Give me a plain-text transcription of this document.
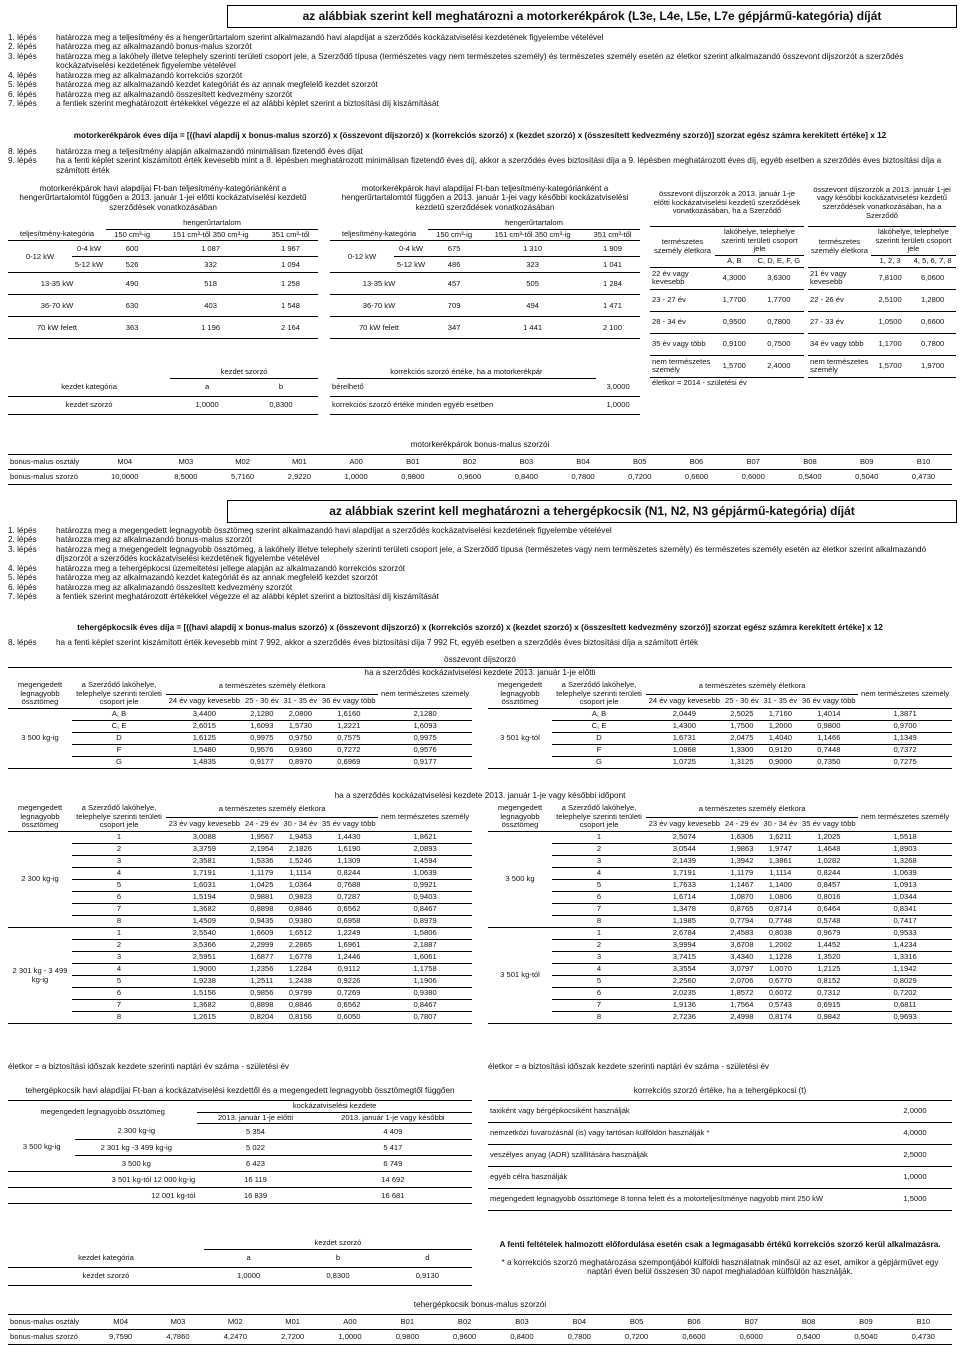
az alábbiak szerint kell meghatározni a motorkerékpárok (L3e, L4e, L5e, L7e gépjármű-kategória) díját
1. lépés	határozza meg a teljesítmény és a hengerűrtartalom szerint alkalmazandó havi alapdíjat a szerződés kockázatviselési kezdetének figyelembe vételével
2. lépés	határozza meg az alkalmazandó bonus-malus szorzót
3. lépés	határozza meg a lakóhely illetve telephely szerinti területi csoport jele, a Szerződő típusa (természetes vagy nem természetes személy) és természetes személy esetén az életkor szerint alkalmazandó összevont díjszorzót a szerződés kockázatviselési kezdetének figyelembe vételével
4. lépés	határozza meg az alkalmazandó korrekciós szorzót
5. lépés	határozza meg az alkalmazandó kezdet kategóriát és az annak megfelelő kezdet szorzót
6. lépés	határozza meg az alkalmazandó összesített kedvezmény szorzót
7. lépés	a fentiek szerint meghatározott értékekkel végezze el az alábbi képlet szerint a biztosítási díj kiszámítását
motorkerékpárok éves díja = [((havi alapdíj x bonus-malus szorzó) x (összevont díjszorzó) x (korrekciós szorzó) x (kezdet szorzó) x (összesített kedvezmény szorzó)] szorzat egész számra kerekített értéke] x 12
8. lépés	határozza meg a teljesítmény alapján alkalmazandó minimálisan fizetendő éves díjat
9. lépés	ha a fenti képlet szerint kiszámított érték kevesebb mint a 8. lépésben meghatározott minimálisan fizetendő éves díj, akkor a szerződés éves biztosítási díja a 9. lépésben meghatározott éves díj, egyéb esetben a szerződés éves biztosítási díja a számított érték
motorkerékpárok havi alapdíjai Ft-ban teljesítmény-kategóriánként a hengerűrtartalomtól függően a 2013. január 1-jei előtti kockázatviselési kezdetű szerződések vonatkozásában
		hengerűrtartalom		
teljesítmény-kategória		150 cm³-ig	151 cm³-től 350 cm³-ig	351 cm³-től
0-12 kW	0-4 kW	600	1 087	1 967
	5-12 kW	526	332	1 094
13-35 kW		490	518	1 258
36-70 kW		630	403	1 548
70 kW felett		363	1 196	2 164
motorkerékpárok havi alapdíjai Ft-ban teljesítmény-kategóriánként a hengerűrtartalomtól függően a 2013. január 1-jei vagy későbbi kockázatviselési kezdetű szerződések vonatkozásában
		hengerűrtartalom		
teljesítmény-kategória		150 cm³-ig	151 cm³-től 350 cm³-ig	351 cm³-től
0-12 kW	0-4 kW	675	1 310	1 909
	5-12 kW	486	323	1 041
13-35 kW		457	505	1 284
36-70 kW		709	494	1 471
70 kW felett		347	1 441	2 100
	kezdet szorzó	
kezdet kategória	a	b
kezdet szorzó	1,0000	0,8300
	korrekciós szorzó értéke, ha a motorkerékpár	
bérelhető		3,0000
korrekciós szorzó értéke minden egyéb esetben		1,0000
összevont díjszorzók a 2013. január 1-je előtti kockázatviselési kezdetű szerződések vonatkozásában, ha a Szerződő		
természetes személy életkora	lakóhelye, telephelye szerinti területi csoport jele	
	A, B	C, D, E, F, G
22 év vagy kevesebb	4,3000	3,6300
23 - 27 év	1,7700	1,7700
28 - 34 év	0,9500	0,7800
35 év vagy több	0,9100	0,7500
nem természetes személy	1,5700	2,4000
életkor = 2014 - születési év		
összevont díjszorzók a 2013. január 1-jei vagy későbbi kockázatviselési kezdetű szerződések vonatkozásában, ha a Szerződő		
természetes személy életkora	lakóhelye, telephelye szerinti területi csoport jele	
	1, 2, 3	4, 5, 6, 7, 8
21 év vagy kevesebb	7,8100	6,0600
22 - 26 év	2,5100	1,2800
27 - 33 év	1,0500	0,6600
34 év vagy több	1,1700	0,7800
nem természetes személy	1,5700	1,9700
motorkerékpárok bonus-malus szorzói
bonus-malus osztály	M04	M03	M02	M01	A00	B01	B02	B03	B04	B05	B06	B07	B08	B09	B10
bonus-malus szorzó	10,0000	8,5000	5,7160	2,9220	1,0000	0,9800	0,9600	0,8400	0,7800	0,7200	0,6600	0,6000	0,5400	0,5040	0,4730
az alábbiak szerint kell meghatározni a tehergépkocsik (N1, N2, N3 gépjármű-kategória) díját
1. lépés	határozza meg a megengedett legnagyobb össztömeg szerint alkalmazandó havi alapdíjat a szerződés kockázatviselési kezdetének figyelembe vételével
2. lépés	határozza meg az alkalmazandó bonus-malus szorzót
3. lépés	határozza meg a megengedett legnagyobb össztömeg, a lakóhely illetve telephely szerinti területi csoport jele, a Szerződő típusa (természetes vagy nem természetes személy) és természetes személy esetén az életkor szerint alkalmazandó díjszorzót a szerződés kockázatviselési kezdetének figyelembe vételével
4. lépés	határozza meg a tehergépkocsi üzemeltetési jellege alapján az alkalmazandó korrekciós szorzót
5. lépés	határozza meg az alkalmazandó kezdet kategóriát és az annak megfelelő kezdet szorzót
6. lépés	határozza meg az alkalmazandó összesített kedvezmény szorzót
7. lépés	a fentiek szerint meghatározott értékekkel végezze el az alábbi képlet szerint a biztosítási díj kiszámítását
tehergépkocsik éves díja = [((havi alapdíj x bonus-malus szorzó) x (összevont díjszorzó) x (korrekciós szorzó) x (kezdet szorzó) x (összesített kedvezmény szorzó)] szorzat egész számra kerekített értéke] x 12
8. lépés	ha a fenti képlet szerint kiszámított érték kevesebb mint 7 992, akkor a szerződés éves biztosítási díja 7 992 Ft, egyéb esetben a szerződés éves biztosítási díja a számított érték
összevont díjszorzó
ha a szerződés kockázatviselési kezdete 2013. január 1-je előtti
megengedett legnagyobb össztömeg	a Szerződő lakóhelye, telephelye szerinti területi csoport jele	a természetes személy életkora				nem természetes személy
		24 év vagy kevesebb	25 - 30 év	31 - 35 év	36 év vagy több	
3 500 kg-ig	A, B	3,4400	2,1280	2,0800	1,6160	2,1280
	C, E	2,6015	1,6093	1,5730	1,2221	1,6093
	D	1,6125	0,9975	0,9750	0,7575	0,9975
	F	1,5480	0,9576	0,9360	0,7272	0,9576
	G	1,4835	0,9177	0,8970	0,6969	0,9177
megengedett legnagyobb össztömeg	a Szerződő lakóhelye, telephelye szerinti területi csoport jele	a természetes személy életkora				nem természetes személy
		24 év vagy kevesebb	25 - 30 év	31 - 35 év	36 év vagy több	
3 501 kg-tól	A, B	2,0449	2,5025	1,7160	1,4014	1,3871
	C, E	1,4300	1,7500	1,2000	0,9800	0,9700
	D	1,6731	2,0475	1,4040	1,1466	1,1349
	F	1,0868	1,3300	0,9120	0,7448	0,7372
	G	1,0725	1,3125	0,9000	0,7350	0,7275
ha a szerződés kockázatviselési kezdete 2013. január 1-je vagy későbbi időpont
megengedett legnagyobb össztömeg	a Szerződő lakóhelye, telephelye szerinti területi csoport jele	a természetes személy életkora				nem természetes személy
		23 év vagy kevesebb	24 - 29 év	30 - 34 év	35 év vagy több	
2 300 kg-ig	1	3,0088	1,9567	1,9453	1,4430	1,8621
	2	3,3759	2,1954	2,1826	1,6190	2,0893
	3	2,3581	1,5336	1,5246	1,1309	1,4594
	4	1,7191	1,1179	1,1114	0,8244	1,0639
	5	1,6031	1,0425	1,0364	0,7688	0,9921
	6	1,5194	0,9881	0,9823	0,7287	0,9403
	7	1,3682	0,8898	0,8846	0,6562	0,8467
	8	1,4509	0,9435	0,9380	0,6958	0,8979
2 301 kg - 3 499 kg-ig	1	2,5540	1,6609	1,6512	1,2249	1,5806
	2	3,5366	2,2999	2,2865	1,6961	2,1887
	3	2,5951	1,6877	1,6778	1,2446	1,6061
	4	1,9000	1,2356	1,2284	0,9112	1,1758
	5	1,9238	1,2511	1,2438	0,9226	1,1906
	6	1,5156	0,9856	0,9799	0,7269	0,9380
	7	1,3682	0,8898	0,8846	0,6562	0,8467
	8	1,2615	0,8204	0,8156	0,6050	0,7807
megengedett legnagyobb össztömeg	a Szerződő lakóhelye, telephelye szerinti területi csoport jele	a természetes személy életkora				nem természetes személy
		23 év vagy kevesebb	24 - 29 év	30 - 34 év	35 év vagy több	
3 500 kg	1	2,5074	1,6306	1,6211	1,2025	1,5518
	2	3,0544	1,9863	1,9747	1,4648	1,8903
	3	2,1439	1,3942	1,3861	1,0282	1,3268
	4	1,7191	1,1179	1,1114	0,8244	1,0639
	5	1,7633	1,1467	1,1400	0,8457	1,0913
	6	1,6714	1,0870	1,0806	0,8016	1,0344
	7	1,3478	0,8765	0,8714	0,6464	0,8341
	8	1,1985	0,7794	0,7748	0,5748	0,7417
3 501 kg-tól	1	2,6784	2,4583	0,8038	0,9679	0,9533
	2	3,9994	3,6708	1,2002	1,4452	1,4234
	3	3,7415	3,4340	1,1228	1,3520	1,3316
	4	3,3554	3,0797	1,0070	1,2125	1,1942
	5	2,2560	2,0706	0,6770	0,8152	0,8029
	6	2,0235	1,8572	0,6072	0,7312	0,7202
	7	1,9136	1,7564	0,5743	0,6915	0,6811
	8	2,7236	2,4998	0,8174	0,9842	0,9693
életkor = a biztosítási időszak kezdete szerinti naptári év száma - születési év	életkor = a biztosítási időszak kezdete szerinti naptári év száma - születési év
tehergépkocsik havi alapdíjai Ft-ban a kockázatviselési kezdettől és a megengedett legnagyobb össztömegtől függően
megengedett legnagyobb össztömeg		kockázatviselési kezdete	
		2013. január 1-je előtti	2013. január 1-je vagy későbbi
3 500 kg-ig	2 300 kg-ig	5 354	4 409
	2 301 kg -3 499 kg-ig	5 022	5 417
	3 500 kg	6 423	6 749
3 501 kg-tól 12 000 kg-ig		16 119	14 692
12 001 kg-tól		16 839	16 681
	kezdet szorzó		
kezdet kategória	a	b	d
kezdet szorzó	1,0000	0,8300	0,9130
korrekciós szorzó értéke, ha a tehergépkocsi (t)
taxiként vagy bérgépkocsiként használják	2,0000
nemzetközi fuvarozásnál (is) vagy tartósan külföldön használják *	4,0000
veszélyes anyag (ADR) szállítására használják	2,5000
egyéb célra használják	1,0000
megengedett legnagyobb össztömege 8 tonna felett és a motorteljesítménye nagyobb mint 250 kW	1,5000
A fenti feltételek halmozott előfordulása esetén csak a legmagasabb értékű korrekciós szorzó kerül alkalmazásra.
* a korrekciós szorzó meghatározása szempontjából külföldi használatnak minősül az az eset, amikor a gépjárművet egy naptári éven belül összesen 30 napot meghaladóan külföldön használják.
tehergépkocsik bonus-malus szorzói
bonus-malus osztály	M04	M03	M02	M01	A00	B01	B02	B03	B04	B05	B06	B07	B08	B09	B10
bonus-malus szorzó	9,7590	4,7860	4,2470	2,7200	1,0000	0,9800	0,9600	0,8400	0,7800	0,7200	0,6600	0,6000	0,5400	0,5040	0,4730
